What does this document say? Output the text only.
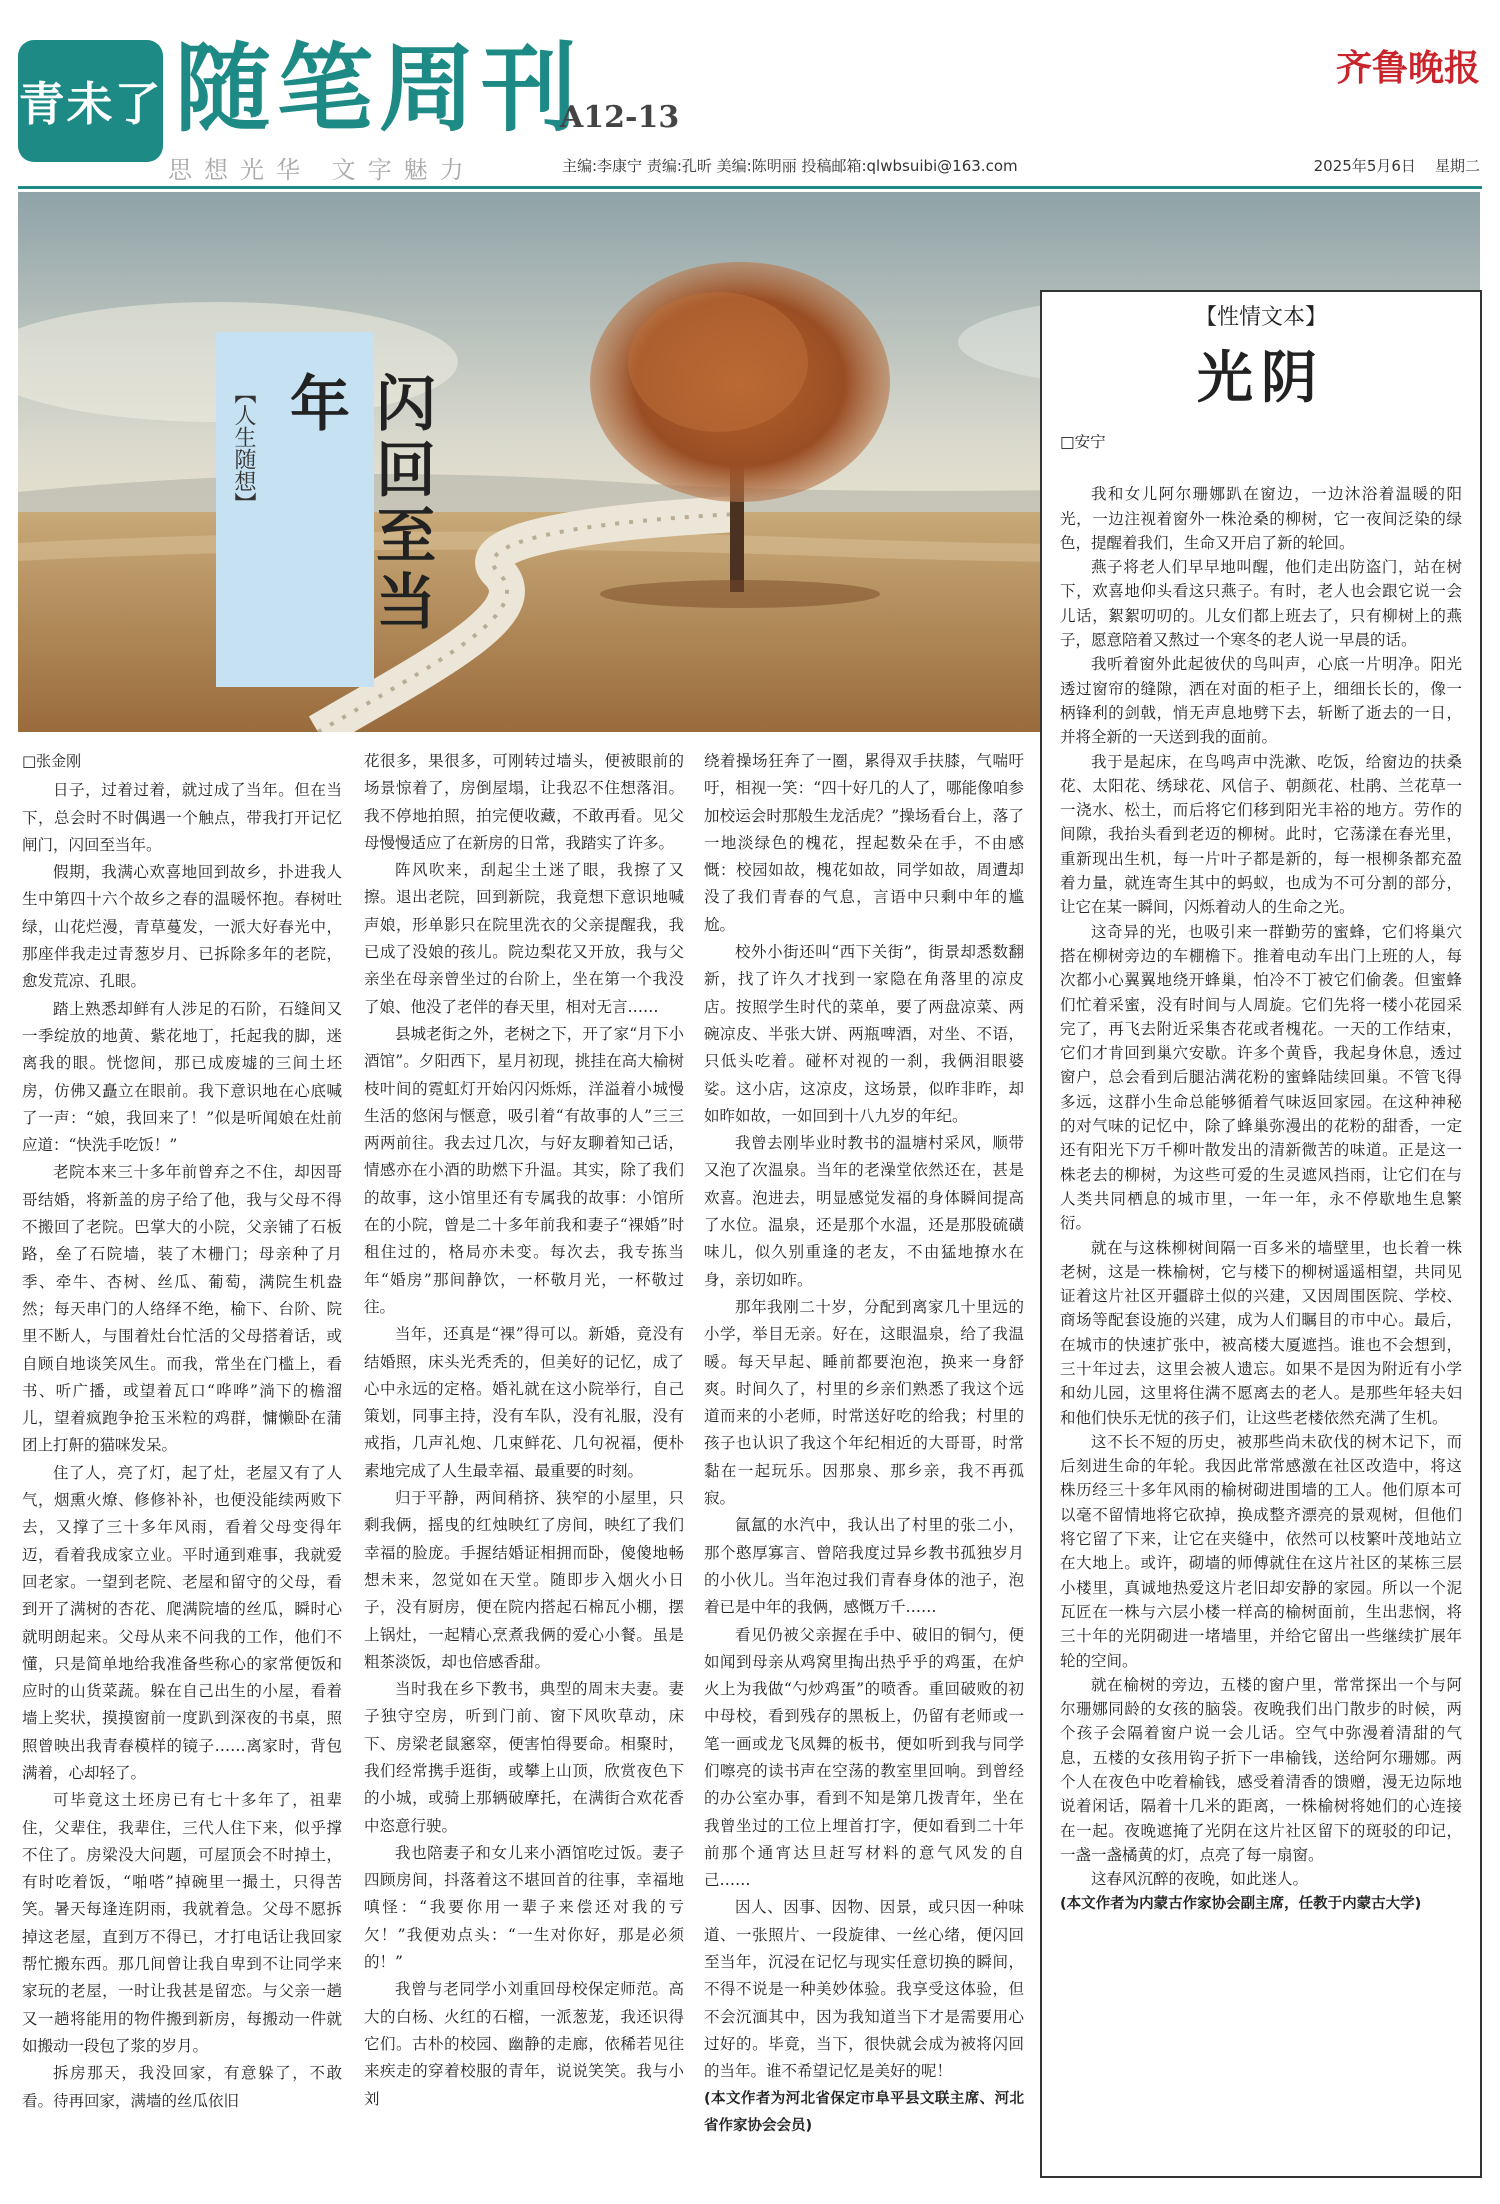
青未了 随笔周刊
A12-13
齐鲁晚报
思想光华 文字魅力	主编:李康宁 责编:孔昕 美编:陈明丽 投稿邮箱:qlwbsuibi@163.com	2025年5月6日 星期二
【人生随想】	闪回至当年

□张金刚

日子，过着过着，就过成了当年。但在当下，总会时不时偶遇一个触点，带我打开记忆闸门，闪回至当年。

假期，我满心欢喜地回到故乡，扑进我人生中第四十六个故乡之春的温暖怀抱。春树吐绿，山花烂漫，青草蔓发，一派大好春光中，那座伴我走过青葱岁月、已拆除多年的老院，愈发荒凉、孔眼。

踏上熟悉却鲜有人涉足的石阶，石缝间又一季绽放的地黄、紫花地丁，托起我的脚，迷离我的眼。恍惚间，那已成废墟的三间土坯房，仿佛又矗立在眼前。我下意识地在心底喊了一声：“娘，我回来了！”似是听闻娘在灶前应道：“快洗手吃饭！”

老院本来三十多年前曾弃之不住，却因哥哥结婚，将新盖的房子给了他，我与父母不得不搬回了老院。巴掌大的小院，父亲铺了石板路，垒了石院墙，装了木栅门；母亲种了月季、牵牛、杏树、丝瓜、葡萄，满院生机盎然；每天串门的人络绎不绝，榆下、台阶、院里不断人，与围着灶台忙活的父母搭着话，或自顾自地谈笑风生。而我，常坐在门槛上，看书、听广播，或望着瓦口“哗哗”淌下的檐溜儿，望着疯跑争抢玉米粒的鸡群，慵懒卧在蒲团上打鼾的猫咪发呆。

住了人，亮了灯，起了灶，老屋又有了人气，烟熏火燎、修修补补，也便没能续两败下去，又撑了三十多年风雨，看着父母变得年迈，看着我成家立业。平时通到难事，我就爱回老家。一望到老院、老屋和留守的父母，看到开了满树的杏花、爬满院墙的丝瓜，瞬时心就明朗起来。父母从来不问我的工作，他们不懂，只是简单地给我准备些称心的家常便饭和应时的山货菜蔬。躲在自己出生的小屋，看着墙上奖状，摸摸窗前一度趴到深夜的书桌，照照曾映出我青春模样的镜子……离家时，背包满着，心却轻了。

可毕竟这土坯房已有七十多年了，祖辈住，父辈住，我辈住，三代人住下来，似乎撑不住了。房梁没大问题，可屋顶会不时掉土，有时吃着饭，“啪嗒”掉碗里一撮土，只得苦笑。暑天每逢连阴雨，我就着急。父母不愿拆掉这老屋，直到万不得已，才打电话让我回家帮忙搬东西。那几间曾让我自卑到不让同学来家玩的老屋，一时让我甚是留恋。与父亲一趟又一趟将能用的物件搬到新房，每搬动一件就如搬动一段包了浆的岁月。

拆房那天，我没回家，有意躲了，不敢看。待再回家，满墙的丝瓜依旧

花很多，果很多，可刚转过墙头，便被眼前的场景惊着了，房倒屋塌，让我忍不住想落泪。我不停地拍照，拍完便收藏，不敢再看。见父母慢慢适应了在新房的日常，我踏实了许多。

阵风吹来，刮起尘土迷了眼，我擦了又擦。退出老院，回到新院，我竟想下意识地喊声娘，形单影只在院里洗衣的父亲提醒我，我已成了没娘的孩儿。院边梨花又开放，我与父亲坐在母亲曾坐过的台阶上，坐在第一个我没了娘、他没了老伴的春天里，相对无言……

县城老街之外，老树之下，开了家“月下小酒馆”。夕阳西下，星月初现，挑挂在高大榆树枝叶间的霓虹灯开始闪闪烁烁，洋溢着小城慢生活的悠闲与惬意，吸引着“有故事的人”三三两两前往。我去过几次，与好友聊着知己话，情感亦在小酒的助燃下升温。其实，除了我们的故事，这小馆里还有专属我的故事：小馆所在的小院，曾是二十多年前我和妻子“裸婚”时租住过的，格局亦未变。每次去，我专拣当年“婚房”那间静饮，一杯敬月光，一杯敬过往。

当年，还真是“裸”得可以。新婚，竟没有结婚照，床头光秃秃的，但美好的记忆，成了心中永远的定格。婚礼就在这小院举行，自己策划，同事主持，没有车队，没有礼服，没有戒指，几声礼炮、几束鲜花、几句祝福，便朴素地完成了人生最幸福、最重要的时刻。

归于平静，两间稍挤、狭窄的小屋里，只剩我俩，摇曳的红烛映红了房间，映红了我们幸福的脸庞。手握结婚证相拥而卧，傻傻地畅想未来，忽觉如在天堂。随即步入烟火小日子，没有厨房，便在院内搭起石棉瓦小棚，摆上锅灶，一起精心烹煮我俩的爱心小餐。虽是粗茶淡饭，却也倍感香甜。

当时我在乡下教书，典型的周末夫妻。妻子独守空房，听到门前、窗下风吹草动，床下、房梁老鼠窸窣，便害怕得要命。相聚时，我们经常携手逛街，或攀上山顶，欣赏夜色下的小城，或骑上那辆破摩托，在满街合欢花香中恣意行驶。

我也陪妻子和女儿来小酒馆吃过饭。妻子四顾房间，抖落着这不堪回首的往事，幸福地嗔怪：“我要你用一辈子来偿还对我的亏欠！”我便劝点头：“一生对你好，那是必须的！”

我曾与老同学小刘重回母校保定师范。高大的白杨、火红的石榴，一派葱茏，我还识得它们。古朴的校园、幽静的走廊，依稀若见往来疾走的穿着校服的青年，说说笑笑。我与小刘

绕着操场狂奔了一圈，累得双手扶膝，气喘吁吁，相视一笑：“四十好几的人了，哪能像咱参加校运会时那般生龙活虎？”操场看台上，落了一地淡绿色的槐花，捏起数朵在手，不由感慨：校园如故，槐花如故，同学如故，周遭却没了我们青春的气息，言语中只剩中年的尴尬。

校外小街还叫“西下关街”，街景却悉数翻新，找了许久才找到一家隐在角落里的凉皮店。按照学生时代的菜单，要了两盘凉菜、两碗凉皮、半张大饼、两瓶啤酒，对坐、不语，只低头吃着。碰杯对视的一刹，我俩泪眼婆娑。这小店，这凉皮，这场景，似昨非昨，却如昨如故，一如回到十八九岁的年纪。

我曾去刚毕业时教书的温塘村采风，顺带又泡了次温泉。当年的老澡堂依然还在，甚是欢喜。泡进去，明显感觉发福的身体瞬间提高了水位。温泉，还是那个水温，还是那股硫磺味儿，似久别重逢的老友，不由猛地撩水在身，亲切如昨。

那年我刚二十岁，分配到离家几十里远的小学，举目无亲。好在，这眼温泉，给了我温暖。每天早起、睡前都要泡泡，换来一身舒爽。时间久了，村里的乡亲们熟悉了我这个远道而来的小老师，时常送好吃的给我；村里的孩子也认识了我这个年纪相近的大哥哥，时常黏在一起玩乐。因那泉、那乡亲，我不再孤寂。

氤氲的水汽中，我认出了村里的张二小，那个憨厚寡言、曾陪我度过异乡教书孤独岁月的小伙儿。当年泡过我们青春身体的池子，泡着已是中年的我俩，感慨万千……

看见仍被父亲握在手中、破旧的铜勺，便如闻到母亲从鸡窝里掏出热乎乎的鸡蛋，在炉火上为我做“勺炒鸡蛋”的喷香。重回破败的初中母校，看到残存的黑板上，仍留有老师或一笔一画或龙飞凤舞的板书，便如听到我与同学们嚓亮的读书声在空荡的教室里回响。到曾经的办公室办事，看到不知是第几拨青年，坐在我曾坐过的工位上埋首打字，便如看到二十年前那个通宵达旦赶写材料的意气风发的自己……

因人、因事、因物、因景，或只因一种味道、一张照片、一段旋律、一丝心绪，便闪回至当年，沉浸在记忆与现实任意切换的瞬间，不得不说是一种美妙体验。我享受这体验，但不会沉湎其中，因为我知道当下才是需要用心过好的。毕竟，当下，很快就会成为被将闪回的当年。谁不希望记忆是美好的呢！

(本文作者为河北省保定市阜平县文联主席、河北省作家协会会员)

【性情文本】
光阴

□安宁

我和女儿阿尔珊娜趴在窗边，一边沐浴着温暖的阳光，一边注视着窗外一株沧桑的柳树，它一夜间泛染的绿色，提醒着我们，生命又开启了新的轮回。

燕子将老人们早早地叫醒，他们走出防盗门，站在树下，欢喜地仰头看这只燕子。有时，老人也会跟它说一会儿话，絮絮叨叨的。儿女们都上班去了，只有柳树上的燕子，愿意陪着又熬过一个寒冬的老人说一早晨的话。

我听着窗外此起彼伏的鸟叫声，心底一片明净。阳光透过窗帘的缝隙，洒在对面的柜子上，细细长长的，像一柄锋利的剑戟，悄无声息地劈下去，斩断了逝去的一日，并将全新的一天送到我的面前。

我于是起床，在鸟鸣声中洗漱、吃饭，给窗边的扶桑花、太阳花、绣球花、风信子、朝颜花、杜鹃、兰花草一一浇水、松土，而后将它们移到阳光丰裕的地方。劳作的间隙，我抬头看到老迈的柳树。此时，它荡漾在春光里，重新现出生机，每一片叶子都是新的，每一根柳条都充盈着力量，就连寄生其中的蚂蚁，也成为不可分割的部分，让它在某一瞬间，闪烁着动人的生命之光。

这奇异的光，也吸引来一群勤劳的蜜蜂，它们将巢穴搭在柳树旁边的车棚檐下。推着电动车出门上班的人，每次都小心翼翼地绕开蜂巢，怕冷不丁被它们偷袭。但蜜蜂们忙着采蜜，没有时间与人周旋。它们先将一楼小花园采完了，再飞去附近采集杏花或者槐花。一天的工作结束，它们才肯回到巢穴安歇。许多个黄昏，我起身休息，透过窗户，总会看到后腿沾满花粉的蜜蜂陆续回巢。不管飞得多远，这群小生命总能够循着气味返回家园。在这种神秘的对气味的记忆中，除了蜂巢弥漫出的花粉的甜香，一定还有阳光下万千柳叶散发出的清新微苦的味道。正是这一株老去的柳树，为这些可爱的生灵遮风挡雨，让它们在与人类共同栖息的城市里，一年一年，永不停歇地生息繁衍。

就在与这株柳树间隔一百多米的墙壁里，也长着一株老树，这是一株榆树，它与楼下的柳树遥遥相望，共同见证着这片社区开疆辟土似的兴建，又因周围医院、学校、商场等配套设施的兴建，成为人们瞩目的市中心。最后，在城市的快速扩张中，被高楼大厦遮挡。谁也不会想到，三十年过去，这里会被人遗忘。如果不是因为附近有小学和幼儿园，这里将住满不愿离去的老人。是那些年轻夫妇和他们快乐无忧的孩子们，让这些老楼依然充满了生机。

这不长不短的历史，被那些尚未砍伐的树木记下，而后刻进生命的年轮。我因此常常感激在社区改造中，将这株历经三十多年风雨的榆树砌进围墙的工人。他们原本可以毫不留情地将它砍掉，换成整齐漂亮的景观树，但他们将它留了下来，让它在夹缝中，依然可以枝繁叶茂地站立在大地上。或许，砌墙的师傅就住在这片社区的某栋三层小楼里，真诚地热爱这片老旧却安静的家园。所以一个泥瓦匠在一株与六层小楼一样高的榆树面前，生出悲悯，将三十年的光阴砌进一堵墙里，并给它留出一些继续扩展年轮的空间。

就在榆树的旁边，五楼的窗户里，常常探出一个与阿尔珊娜同龄的女孩的脑袋。夜晚我们出门散步的时候，两个孩子会隔着窗户说一会儿话。空气中弥漫着清甜的气息，五楼的女孩用钩子折下一串榆钱，送给阿尔珊娜。两个人在夜色中吃着榆钱，感受着清香的馈赠，漫无边际地说着闲话，隔着十几米的距离，一株榆树将她们的心连接在一起。夜晚遮掩了光阴在这片社区留下的斑驳的印记，一盏一盏橘黄的灯，点亮了每一扇窗。

这春风沉醉的夜晚，如此迷人。

(本文作者为内蒙古作家协会副主席，任教于内蒙古大学)
